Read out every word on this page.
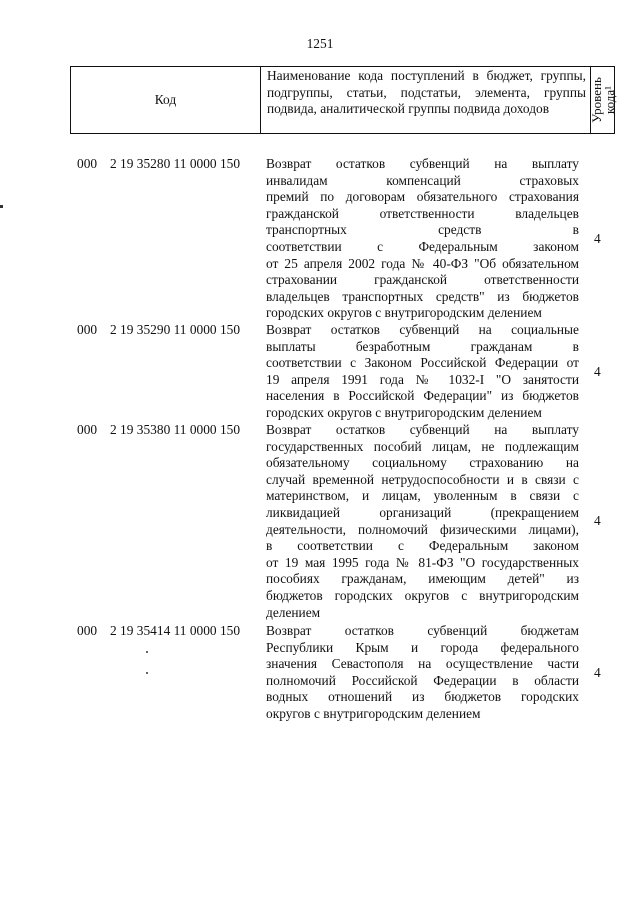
1251
Код	Наименование кода поступлений в бюджет, группы, подгруппы, статьи, подстатьи, элемента, группы подвида, аналитической группы подвида доходов	Уровень
кода¹
000 2 19 35280 11 0000 150 Возврат остатков субвенций на выплату
инвалидам компенсаций страховых
премий по договорам обязательного страхования
гражданской ответственности владельцев
транспортных средств в
соответствии с Федеральным законом
от 25 апреля 2002 года № 40-ФЗ "Об обязательном
страховании гражданской ответственности
владельцев транспортных средств" из бюджетов
городских округов с внутригородским делением
4
000 2 19 35290 11 0000 150 Возврат остатков субвенций на социальные
выплаты безработным гражданам в
соответствии с Законом Российской Федерации от
19 апреля 1991 года № 1032-I "О занятости
населения в Российской Федерации" из бюджетов
городских округов с внутригородским делением
4
000 2 19 35380 11 0000 150 Возврат остатков субвенций на выплату
государственных пособий лицам, не подлежащим
обязательному социальному страхованию на
случай временной нетрудоспособности и в связи с
материнством, и лицам, уволенным в связи с
ликвидацией организаций (прекращением
деятельности, полномочий физическими лицами),
в соответствии с Федеральным законом
от 19 мая 1995 года № 81-ФЗ "О государственных
пособиях гражданам, имеющим детей" из
бюджетов городских округов с внутригородским
делением
4
000 2 19 35414 11 0000 150 Возврат остатков субвенций бюджетам
Республики Крым и города федерального
значения Севастополя на осуществление части
полномочий Российской Федерации в области
водных отношений из бюджетов городских
округов с внутригородским делением
4
